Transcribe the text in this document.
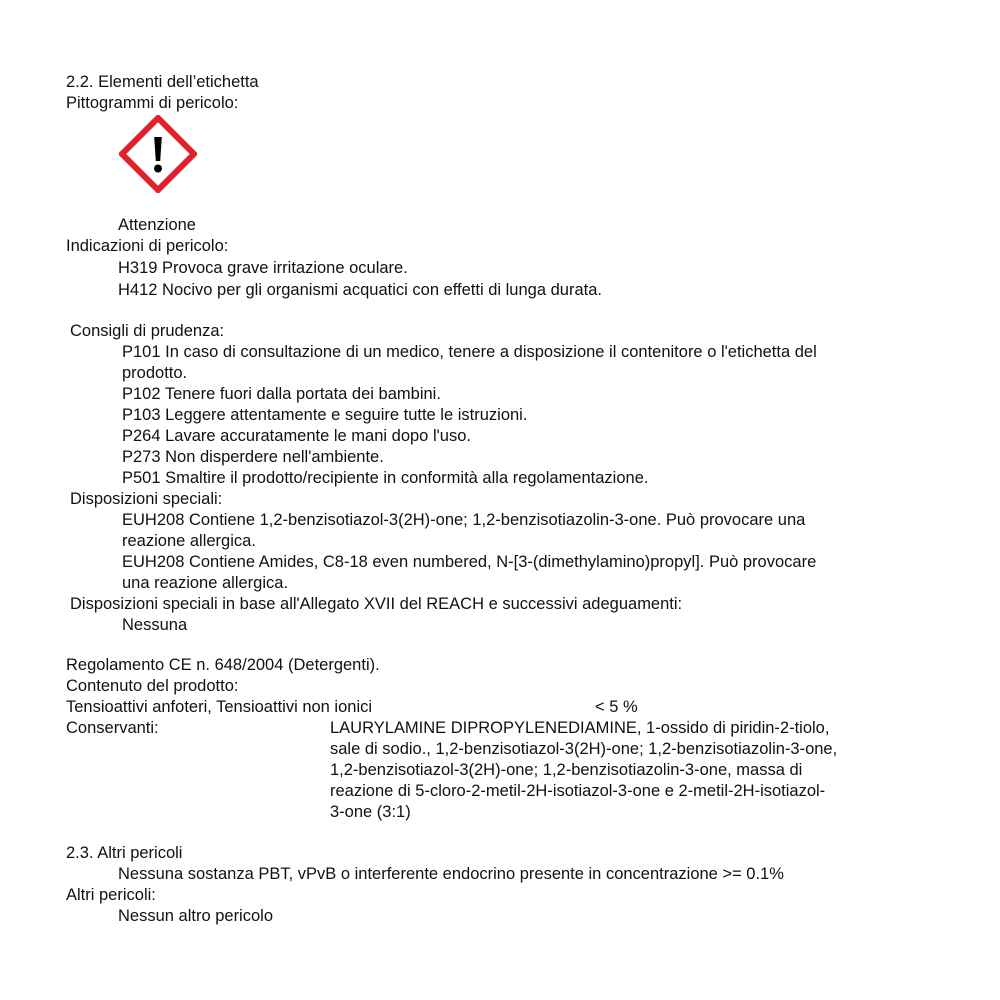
2.2. Elementi dell’etichetta
Pittogrammi di pericolo:
Attenzione
Indicazioni di pericolo:
H319 Provoca grave irritazione oculare.
H412 Nocivo per gli organismi acquatici con effetti di lunga durata.
Consigli di prudenza:
P101 In caso di consultazione di un medico, tenere a disposizione il contenitore o l'etichetta del
prodotto.
P102 Tenere fuori dalla portata dei bambini.
P103 Leggere attentamente e seguire tutte le istruzioni.
P264 Lavare accuratamente le mani dopo l'uso.
P273 Non disperdere nell'ambiente.
P501 Smaltire il prodotto/recipiente in conformità alla regolamentazione.
Disposizioni speciali:
EUH208 Contiene 1,2-benzisotiazol-3(2H)-one; 1,2-benzisotiazolin-3-one. Può provocare una
reazione allergica.
EUH208 Contiene Amides, C8-18 even numbered, N-[3-(dimethylamino)propyl]. Può provocare
una reazione allergica.
Disposizioni speciali in base all'Allegato XVII del REACH e successivi adeguamenti:
Nessuna
Regolamento CE n. 648/2004 (Detergenti).
Contenuto del prodotto:
Tensioattivi anfoteri, Tensioattivi non ionici	< 5 %
Conservanti:	LAURYLAMINE DIPROPYLENEDIAMINE, 1-ossido di piridin-2-tiolo,
sale di sodio., 1,2-benzisotiazol-3(2H)-one; 1,2-benzisotiazolin-3-one,
1,2-benzisotiazol-3(2H)-one; 1,2-benzisotiazolin-3-one, massa di
reazione di 5-cloro-2-metil-2H-isotiazol-3-one e 2-metil-2H-isotiazol-
3-one (3:1)
2.3. Altri pericoli
Nessuna sostanza PBT, vPvB o interferente endocrino presente in concentrazione >= 0.1%
Altri pericoli:
Nessun altro pericolo
